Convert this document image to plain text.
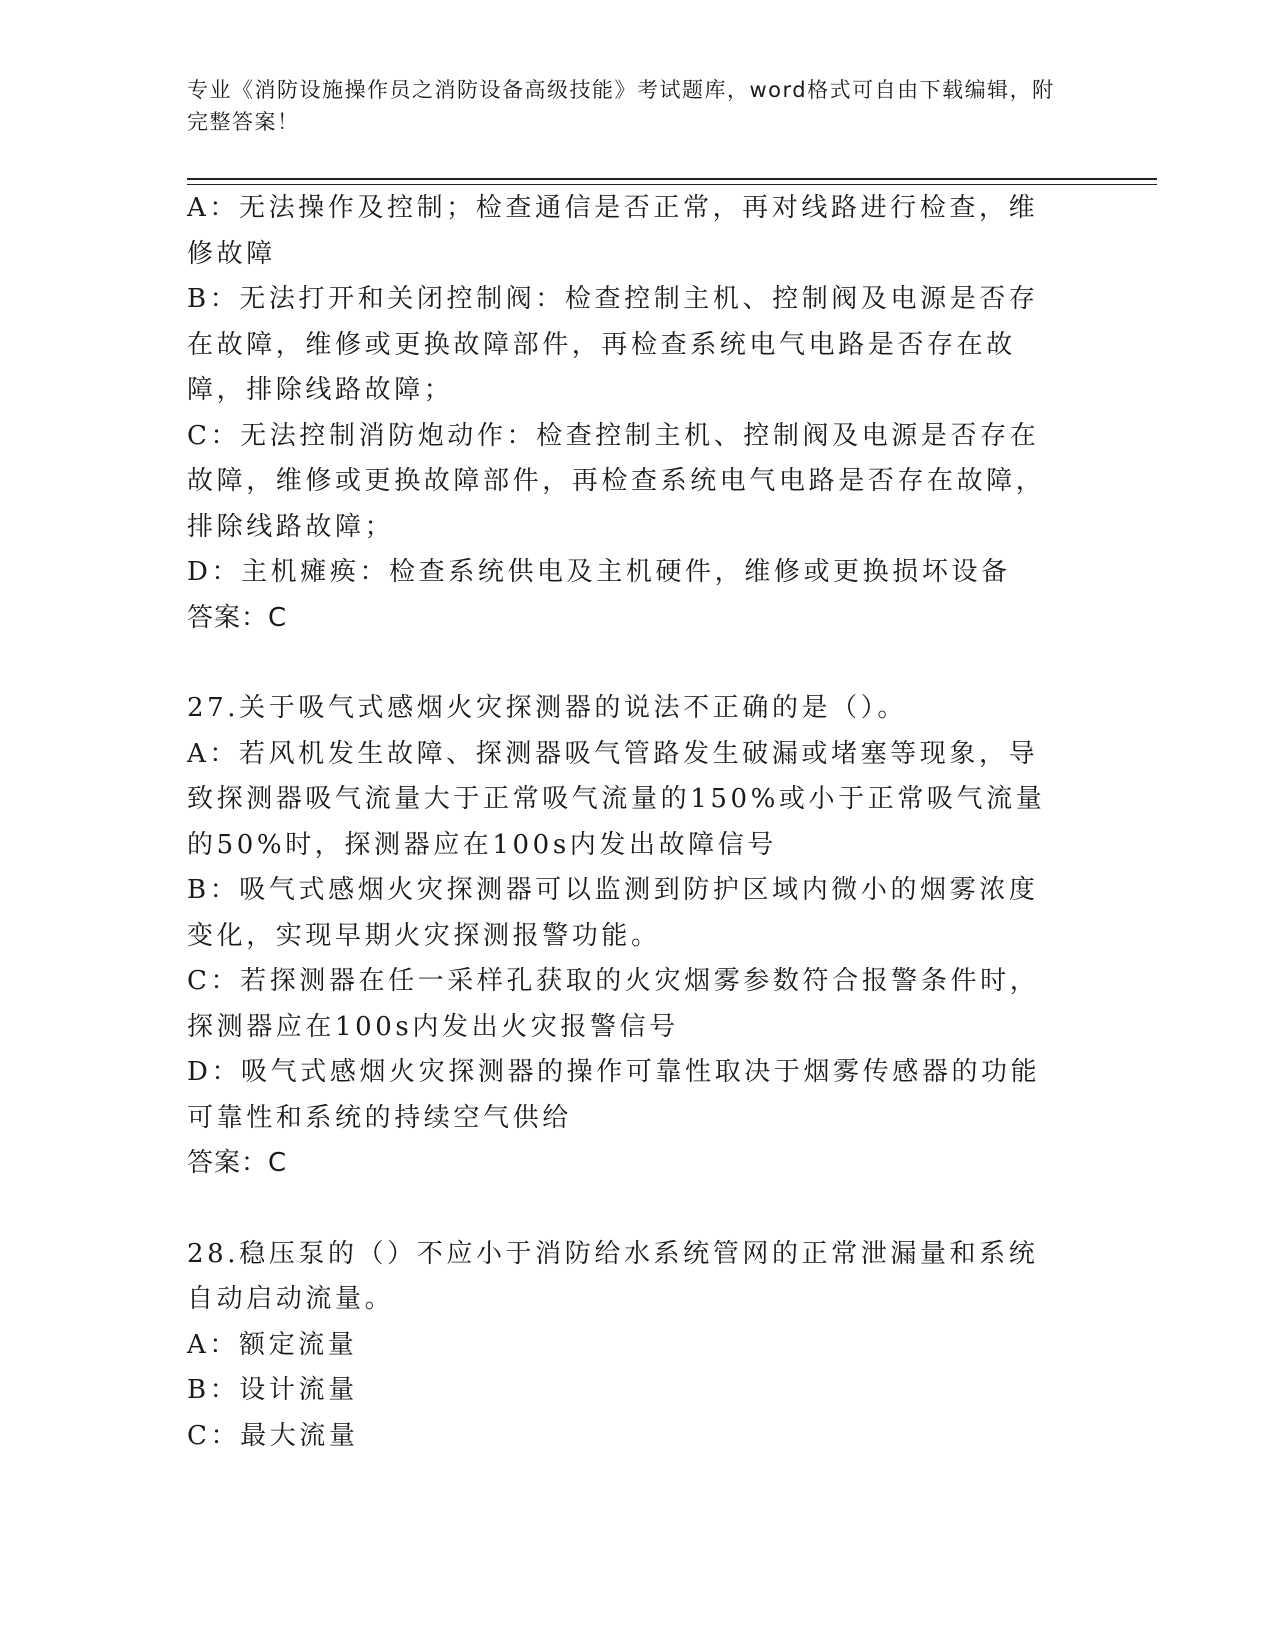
专业《消防设施操作员之消防设备高级技能》考试题库，word格式可自由下载编辑，附完整答案！

A：无法操作及控制；检查通信是否正常，再对线路进行检查，维修故障

B：无法打开和关闭控制阀：检查控制主机、控制阀及电源是否存在故障，维修或更换故障部件，再检查系统电气电路是否存在故障，排除线路故障；

C：无法控制消防炮动作：检查控制主机、控制阀及电源是否存在故障，维修或更换故障部件，再检查系统电气电路是否存在故障，排除线路故障；

D：主机瘫痪：检查系统供电及主机硬件，维修或更换损坏设备

答案：C

27.关于吸气式感烟火灾探测器的说法不正确的是（）。

A：若风机发生故障、探测器吸气管路发生破漏或堵塞等现象，导致探测器吸气流量大于正常吸气流量的150%或小于正常吸气流量的50%时，探测器应在100s内发出故障信号

B：吸气式感烟火灾探测器可以监测到防护区域内微小的烟雾浓度变化，实现早期火灾探测报警功能。

C：若探测器在任一采样孔获取的火灾烟雾参数符合报警条件时，探测器应在100s内发出火灾报警信号

D：吸气式感烟火灾探测器的操作可靠性取决于烟雾传感器的功能可靠性和系统的持续空气供给

答案：C

28.稳压泵的（）不应小于消防给水系统管网的正常泄漏量和系统自动启动流量。

A：额定流量

B：设计流量

C：最大流量
